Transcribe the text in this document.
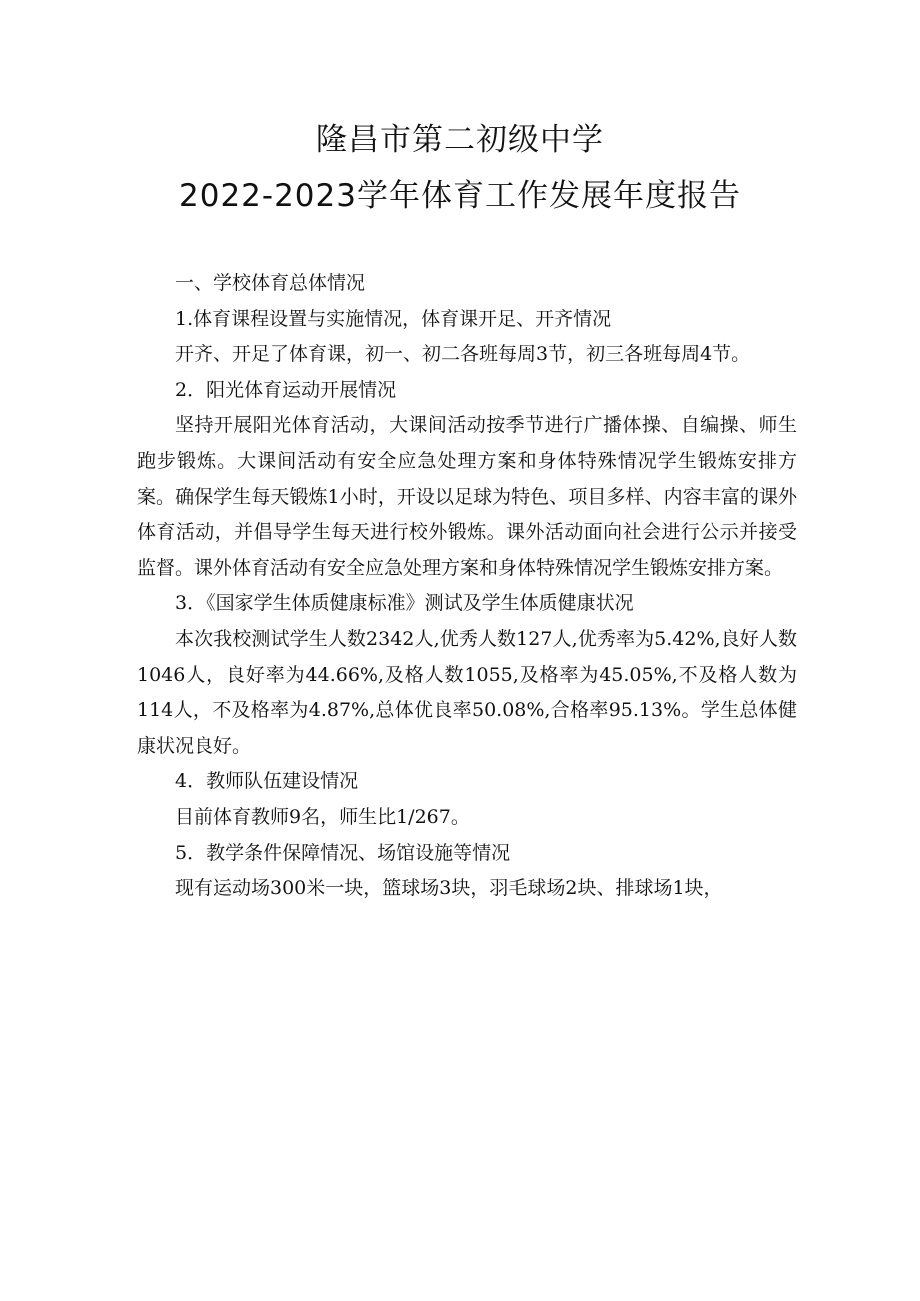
隆昌市第二初级中学
2022-2023学年体育工作发展年度报告

一、学校体育总体情况

1.体育课程设置与实施情况，体育课开足、开齐情况

开齐、开足了体育课，初一、初二各班每周3节，初三各班每周4节。

2．阳光体育运动开展情况

坚持开展阳光体育活动，大课间活动按季节进行广播体操、自编操、师生跑步锻炼。大课间活动有安全应急处理方案和身体特殊情况学生锻炼安排方案。确保学生每天锻炼1小时，开设以足球为特色、项目多样、内容丰富的课外体育活动，并倡导学生每天进行校外锻炼。课外活动面向社会进行公示并接受监督。课外体育活动有安全应急处理方案和身体特殊情况学生锻炼安排方案。

3．《国家学生体质健康标准》测试及学生体质健康状况

本次我校测试学生人数2342人,优秀人数127人,优秀率为5.42%,良好人数1046人，良好率为44.66%,及格人数1055,及格率为45.05%,不及格人数为114人，不及格率为4.87%,总体优良率50.08%,合格率95.13%。学生总体健康状况良好。

4．教师队伍建设情况

目前体育教师9名，师生比1/267。

5．教学条件保障情况、场馆设施等情况

现有运动场300米一块，篮球场3块，羽毛球场2块、排球场1块，
